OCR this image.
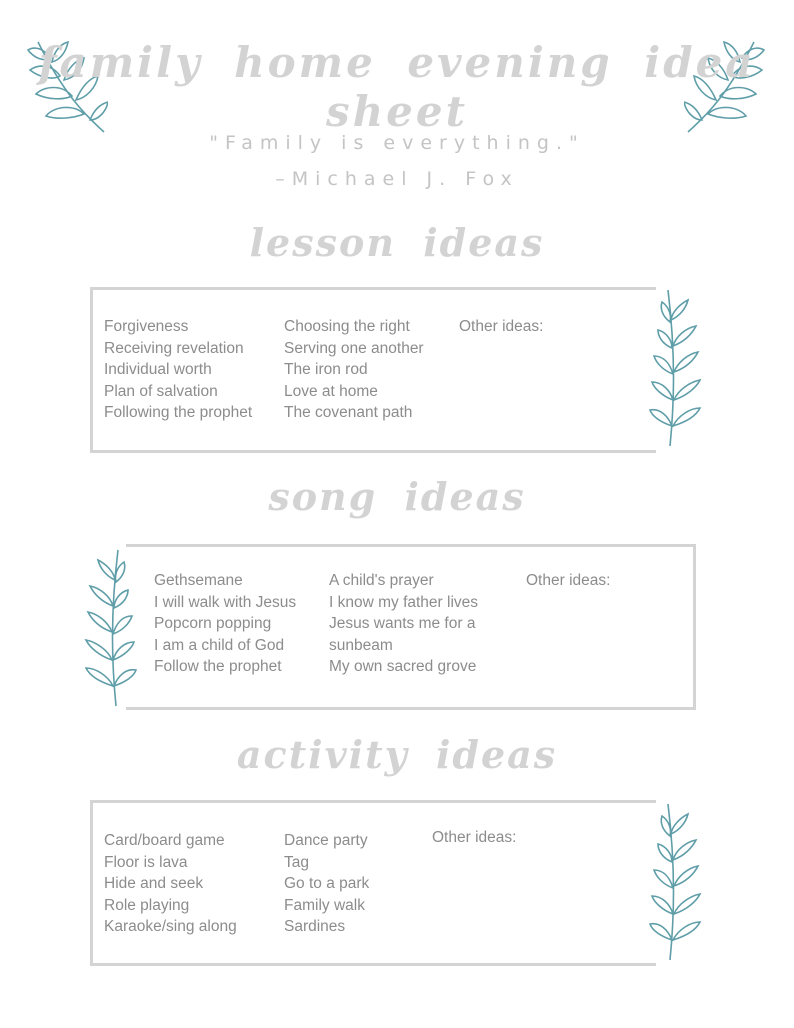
family home evening idea sheet
"Family is everything."
–Michael J. Fox
lesson ideas
Forgiveness
Receiving revelation
Individual worth
Plan of salvation
Following the prophet
Choosing the right
Serving one another
The iron rod
Love at home
The covenant path
Other ideas:
song ideas
Gethsemane
I will walk with Jesus
Popcorn popping
I am a child of God
Follow the prophet
A child's prayer
I know my father lives
Jesus wants me for a
sunbeam
My own sacred grove
Other ideas:
activity ideas
Card/board game
Floor is lava
Hide and seek
Role playing
Karaoke/sing along
Dance party
Tag
Go to a park
Family walk
Sardines
Other ideas:
